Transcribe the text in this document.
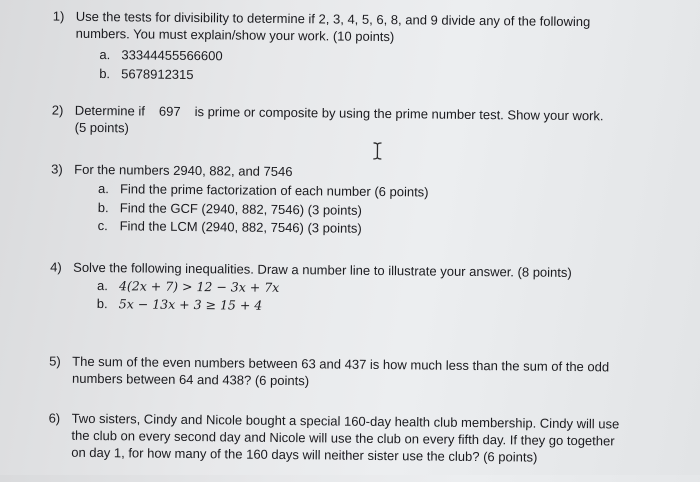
1) Use the tests for divisibility to determine if 2, 3, 4, 5, 6, 8, and 9 divide any of the following
numbers. You must explain/show your work. (10 points)
a. 33344455566600
b. 5678912315
2) Determine if 697 is prime or composite by using the prime number test. Show your work.
(5 points)
3) For the numbers 2940, 882, and 7546
a. Find the prime factorization of each number (6 points)
b. Find the GCF (2940, 882, 7546) (3 points)
c. Find the LCM (2940, 882, 7546) (3 points)
4) Solve the following inequalities. Draw a number line to illustrate your answer. (8 points)
a. 4(2x + 7) > 12 − 3x + 7x
b. 5x − 13x + 3 ≥ 15 + 4
5) The sum of the even numbers between 63 and 437 is how much less than the sum of the odd
numbers between 64 and 438? (6 points)
6) Two sisters, Cindy and Nicole bought a special 160-day health club membership. Cindy will use
the club on every second day and Nicole will use the club on every fifth day. If they go together
on day 1, for how many of the 160 days will neither sister use the club? (6 points)
